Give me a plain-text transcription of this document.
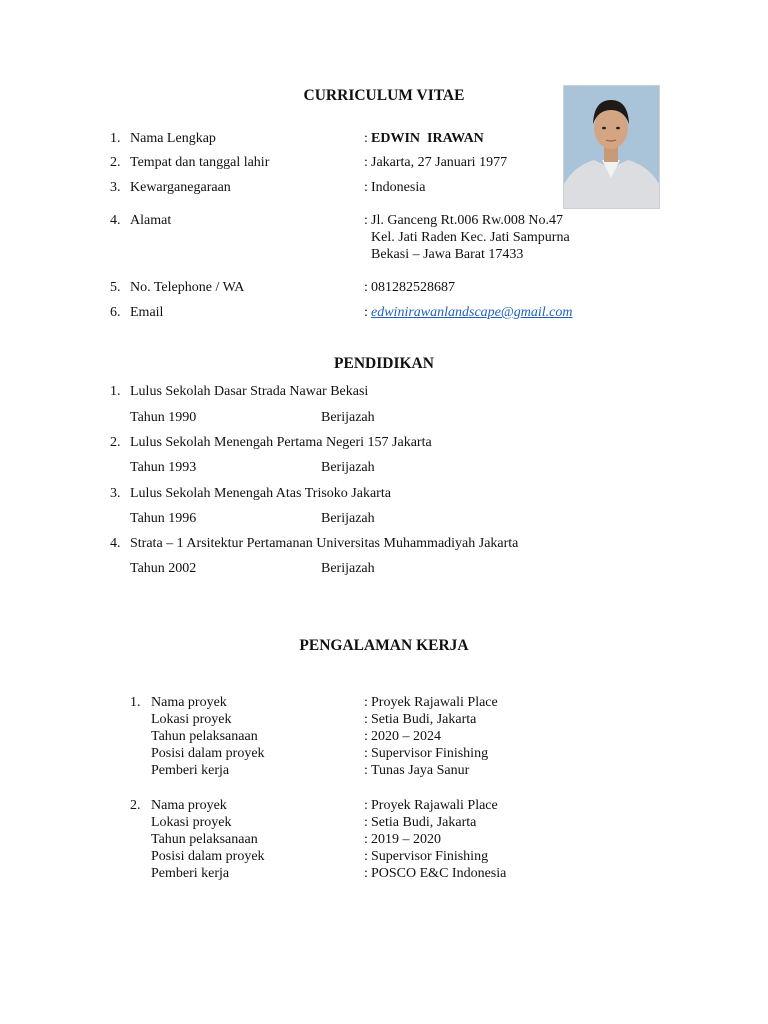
CURRICULUM VITAE
1. Nama Lengkap	: EDWIN  IRAWAN
2. Tempat dan tanggal lahir	: Jakarta, 27 Januari 1977
3. Kewarganegaraan	: Indonesia
4. Alamat	: Jl. Ganceng Rt.006 Rw.008 No.47
Kel. Jati Raden Kec. Jati Sampurna
Bekasi – Jawa Barat 17433
5. No. Telephone / WA	: 081282528687
6. Email	: edwinirawanlandscape@gmail.com
PENDIDIKAN
1. Lulus Sekolah Dasar Strada Nawar Bekasi
Tahun 1990	Berijazah
2. Lulus Sekolah Menengah Pertama Negeri 157 Jakarta
Tahun 1993	Berijazah
3. Lulus Sekolah Menengah Atas Trisoko Jakarta
Tahun 1996	Berijazah
4. Strata – 1 Arsitektur Pertamanan Universitas Muhammadiyah Jakarta
Tahun 2002	Berijazah
PENGALAMAN KERJA
1. Nama proyek	: Proyek Rajawali Place
Lokasi proyek	: Setia Budi, Jakarta
Tahun pelaksanaan	: 2020 – 2024
Posisi dalam proyek	: Supervisor Finishing
Pemberi kerja	: Tunas Jaya Sanur
2. Nama proyek	: Proyek Rajawali Place
Lokasi proyek	: Setia Budi, Jakarta
Tahun pelaksanaan	: 2019 – 2020
Posisi dalam proyek	: Supervisor Finishing
Pemberi kerja	: POSCO E&C Indonesia
